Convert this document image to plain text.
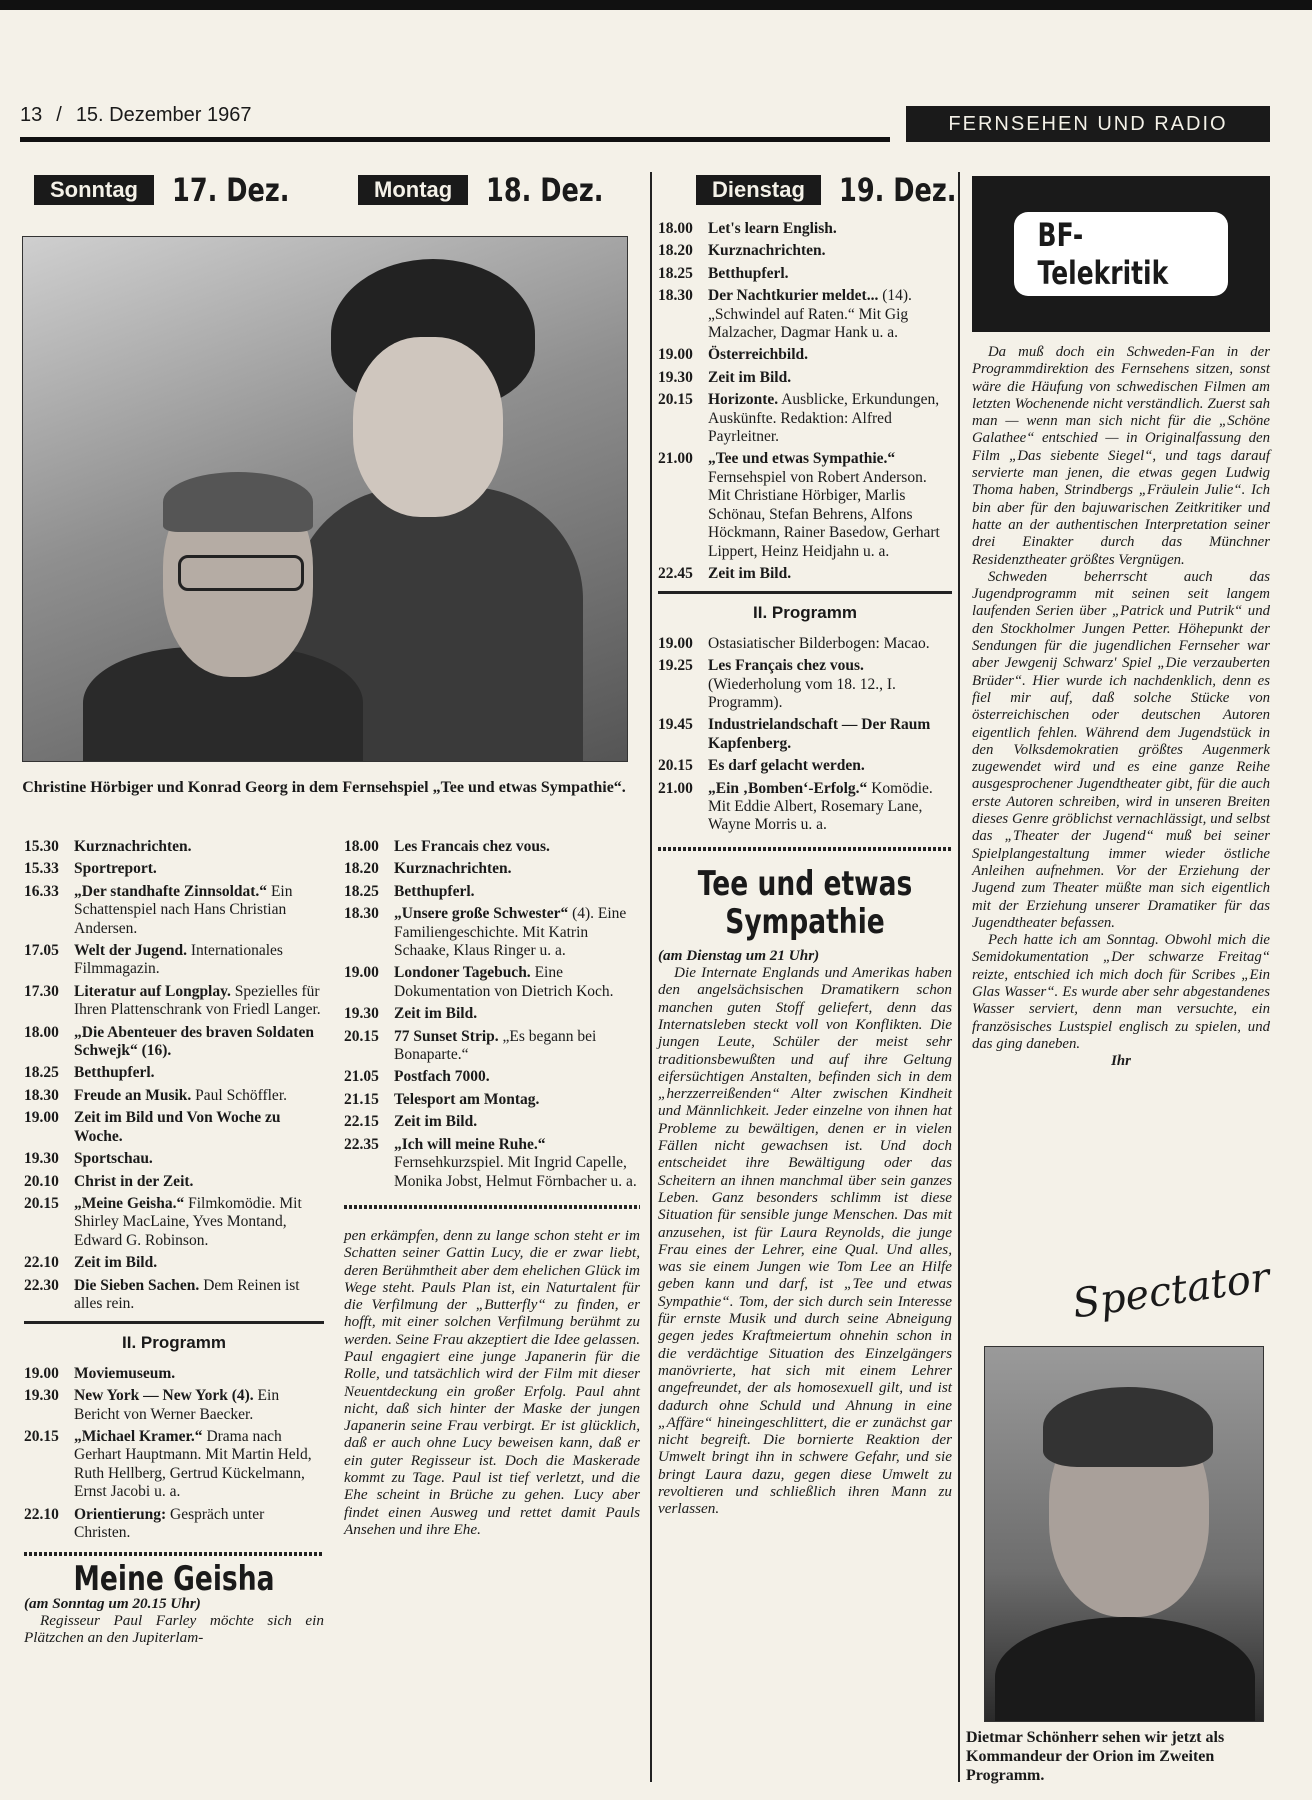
13 / 15. Dezember 1967	FERNSEHEN UND RADIO
Sonntag	17. Dez.	Montag	18. Dez.	Dienstag	19. Dez.
Christine Hörbiger und Konrad Georg in dem Fernsehspiel „Tee und etwas Sympathie“.
15.30 Kurznachrichten.
15.33 Sportreport.
16.33 „Der standhafte Zinnsoldat.“ Ein Schattenspiel nach Hans Christian Andersen.
17.05 Welt der Jugend. Internationales Filmmagazin.
17.30 Literatur auf Longplay. Spezielles für Ihren Plattenschrank von Friedl Langer.
18.00 „Die Abenteuer des braven Soldaten Schwejk“ (16).
18.25 Betthupferl.
18.30 Freude an Musik. Paul Schöffler.
19.00 Zeit im Bild und Von Woche zu Woche.
19.30 Sportschau.
20.10 Christ in der Zeit.
20.15 „Meine Geisha.“ Filmkomödie. Mit Shirley MacLaine, Yves Montand, Edward G. Robinson.
22.10 Zeit im Bild.
22.30 Die Sieben Sachen. Dem Reinen ist alles rein.
II. Programm
19.00 Moviemuseum.
19.30 New York — New York (4). Ein Bericht von Werner Baecker.
20.15 „Michael Kramer.“ Drama nach Gerhart Hauptmann. Mit Martin Held, Ruth Hellberg, Gertrud Kückelmann, Ernst Jacobi u. a.
22.10 Orientierung: Gespräch unter Christen.
Meine Geisha
(am Sonntag um 20.15 Uhr)

Regisseur Paul Farley möchte sich ein Plätzchen an den Jupiterlam-

18.00 Les Francais chez vous.
18.20 Kurznachrichten.
18.25 Betthupferl.
18.30 „Unsere große Schwester“ (4). Eine Familiengeschichte. Mit Katrin Schaake, Klaus Ringer u. a.
19.00 Londoner Tagebuch. Eine Dokumentation von Dietrich Koch.
19.30 Zeit im Bild.
20.15 77 Sunset Strip. „Es begann bei Bonaparte.“
21.05 Postfach 7000.
21.15 Telesport am Montag.
22.15 Zeit im Bild.
22.35 „Ich will meine Ruhe.“ Fernsehkurzspiel. Mit Ingrid Capelle, Monika Jobst, Helmut Förnbacher u. a.

pen erkämpfen, denn zu lange schon steht er im Schatten seiner Gattin Lucy, die er zwar liebt, deren Berühmtheit aber dem ehelichen Glück im Wege steht. Pauls Plan ist, ein Naturtalent für die Verfilmung der „Butterfly“ zu finden, er hofft, mit einer solchen Verfilmung berühmt zu werden. Seine Frau akzeptiert die Idee gelassen. Paul engagiert eine junge Japanerin für die Rolle, und tatsächlich wird der Film mit dieser Neuentdeckung ein großer Erfolg. Paul ahnt nicht, daß sich hinter der Maske der jungen Japanerin seine Frau verbirgt. Er ist glücklich, daß er auch ohne Lucy beweisen kann, daß er ein guter Regisseur ist. Doch die Maskerade kommt zu Tage. Paul ist tief verletzt, und die Ehe scheint in Brüche zu gehen. Lucy aber findet einen Ausweg und rettet damit Pauls Ansehen und ihre Ehe.

18.00 Let's learn English.
18.20 Kurznachrichten.
18.25 Betthupferl.
18.30 Der Nachtkurier meldet... (14). „Schwindel auf Raten.“ Mit Gig Malzacher, Dagmar Hank u. a.
19.00 Österreichbild.
19.30 Zeit im Bild.
20.15 Horizonte. Ausblicke, Erkundungen, Auskünfte. Redaktion: Alfred Payrleitner.
21.00 „Tee und etwas Sympathie.“ Fernsehspiel von Robert Anderson. Mit Christiane Hörbiger, Marlis Schönau, Stefan Behrens, Alfons Höckmann, Rainer Basedow, Gerhart Lippert, Heinz Heidjahn u. a.
22.45 Zeit im Bild.
II. Programm
19.00 Ostasiatischer Bilderbogen: Macao.
19.25 Les Français chez vous. (Wiederholung vom 18. 12., I. Programm).
19.45 Industrielandschaft — Der Raum Kapfenberg.
20.15 Es darf gelacht werden.
21.00 „Ein ‚Bomben‘-Erfolg.“ Komödie. Mit Eddie Albert, Rosemary Lane, Wayne Morris u. a.
Tee und etwas
Sympathie
(am Dienstag um 21 Uhr)

Die Internate Englands und Amerikas haben den angelsächsischen Dramatikern schon manchen guten Stoff geliefert, denn das Internatsleben steckt voll von Konflikten. Die jungen Leute, Schüler der meist sehr traditionsbewußten und auf ihre Geltung eifersüchtigen Anstalten, befinden sich in dem „herzzerreißenden“ Alter zwischen Kindheit und Männlichkeit. Jeder einzelne von ihnen hat Probleme zu bewältigen, denen er in vielen Fällen nicht gewachsen ist. Und doch entscheidet ihre Bewältigung oder das Scheitern an ihnen manchmal über sein ganzes Leben. Ganz besonders schlimm ist diese Situation für sensible junge Menschen. Das mit anzusehen, ist für Laura Reynolds, die junge Frau eines der Lehrer, eine Qual. Und alles, was sie einem Jungen wie Tom Lee an Hilfe geben kann und darf, ist „Tee und etwas Sympathie“. Tom, der sich durch sein Interesse für ernste Musik und durch seine Abneigung gegen jedes Kraftmeiertum ohnehin schon in die verdächtige Situation des Einzelgängers manövrierte, hat sich mit einem Lehrer angefreundet, der als homosexuell gilt, und ist dadurch ohne Schuld und Ahnung in eine „Affäre“ hineingeschlittert, die er zunächst gar nicht begreift. Die bornierte Reaktion der Umwelt bringt ihn in schwere Gefahr, und sie bringt Laura dazu, gegen diese Umwelt zu revoltieren und schließlich ihren Mann zu verlassen.

BF-Telekritik

Da muß doch ein Schweden-Fan in der Programmdirektion des Fernsehens sitzen, sonst wäre die Häufung von schwedischen Filmen am letzten Wochenende nicht verständlich. Zuerst sah man — wenn man sich nicht für die „Schöne Galathee“ entschied — in Originalfassung den Film „Das siebente Siegel“, und tags darauf servierte man jenen, die etwas gegen Ludwig Thoma haben, Strindbergs „Fräulein Julie“. Ich bin aber für den bajuwarischen Zeitkritiker und hatte an der authentischen Interpretation seiner drei Einakter durch das Münchner Residenztheater größtes Vergnügen.

Schweden beherrscht auch das Jugendprogramm mit seinen seit langem laufenden Serien über „Patrick und Putrik“ und den Stockholmer Jungen Petter. Höhepunkt der Sendungen für die jugendlichen Fernseher war aber Jewgenij Schwarz' Spiel „Die verzauberten Brüder“. Hier wurde ich nachdenklich, denn es fiel mir auf, daß solche Stücke von österreichischen oder deutschen Autoren eigentlich fehlen. Während dem Jugendstück in den Volksdemokratien größtes Augenmerk zugewendet wird und es eine ganze Reihe ausgesprochener Jugendtheater gibt, für die auch erste Autoren schreiben, wird in unseren Breiten dieses Genre gröblichst vernachlässigt, und selbst das „Theater der Jugend“ muß bei seiner Spielplangestaltung immer wieder östliche Anleihen aufnehmen. Vor der Erziehung der Jugend zum Theater müßte man sich eigentlich mit der Erziehung unserer Dramatiker für das Jugendtheater befassen.

Pech hatte ich am Sonntag. Obwohl mich die Semidokumentation „Der schwarze Freitag“ reizte, entschied ich mich doch für Scribes „Ein Glas Wasser“. Es wurde aber sehr abgestandenes Wasser serviert, denn man versuchte, ein französisches Lustspiel englisch zu spielen, und das ging daneben.

Ihr
Spectator
Dietmar Schönherr sehen wir jetzt als Kommandeur der Orion im Zweiten Programm.
